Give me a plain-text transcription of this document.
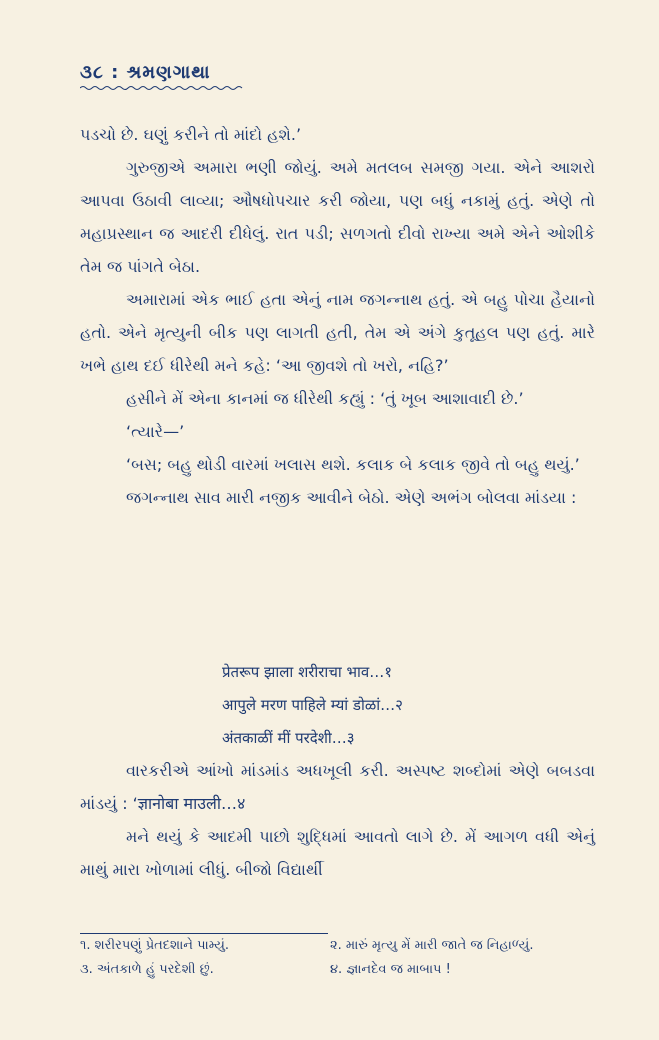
૩૮ : શ્રમણગાથા

પડચો છે. ઘણું કરીને તો માંદો હશે.’

ગુરુજીએ અમારા ભણી જોયું. અમે મતલબ સમજી ગયા. એને આશરો આપવા ઉઠાવી લાવ્યા; ઔષધોપચાર કરી જોયા, પણ બધું નકામું હતું. એણે તો મહાપ્રસ્થાન જ આદરી દીધેલું. રાત પડી; સળગતો દીવો રાખ્યા અમે એને ઓશીકે તેમ જ પાંગતે બેઠા.

અમારામાં એક ભાઈ હતા એનું નામ જગન્નાથ હતું. એ બહુ પોચા હૈયાનો હતો. એને મૃત્યુની બીક પણ લાગતી હતી, તેમ એ અંગે કુતૂહલ પણ હતું. મારે ખભે હાથ દઈ ધીરેથી મને કહે: ‘આ જીવશે તો ખરો, નહિ?’

હસીને મેં એના કાનમાં જ ધીરેથી કહ્યું : ‘તું ખૂબ આશાવાદી છે.’

‘ત્યારે—’

‘બસ; બહુ થોડી વારમાં ખલાસ થશે. કલાક બે કલાક જીવે તો બહુ થયું.’

જગન્નાથ સાવ મારી નજીક આવીને બેઠો. એણે અભંગ બોલવા માંડયા :

प्रेतरूप झाला शरीराचा भाव…१
आपुले मरण पाहिले म्यां डोळां…२
अंतकाळीं मीं परदेशी…३

વારકરીએ આંખો માંડમાંડ અધખૂલી કરી. અસ્પષ્ટ શબ્દોમાં એણે બબડવા માંડયું : ‘ज्ञानोबा माउली…४

મને થયું કે આદમી પાછો શુદ્ધિમાં આવતો લાગે છે. મેં આગળ વધી એનું માથું મારા ખોળામાં લીધું. બીજો વિદ્યાર્થી

૧. શરીરપણું પ્રેતદશાને પામ્યું.	૨. મારું મૃત્યુ મેં મારી જાતે જ નિહાળ્યું.
૩. અંતકાળે હું પરદેશી છું.	૪. જ્ઞાનદેવ જ માબાપ !
